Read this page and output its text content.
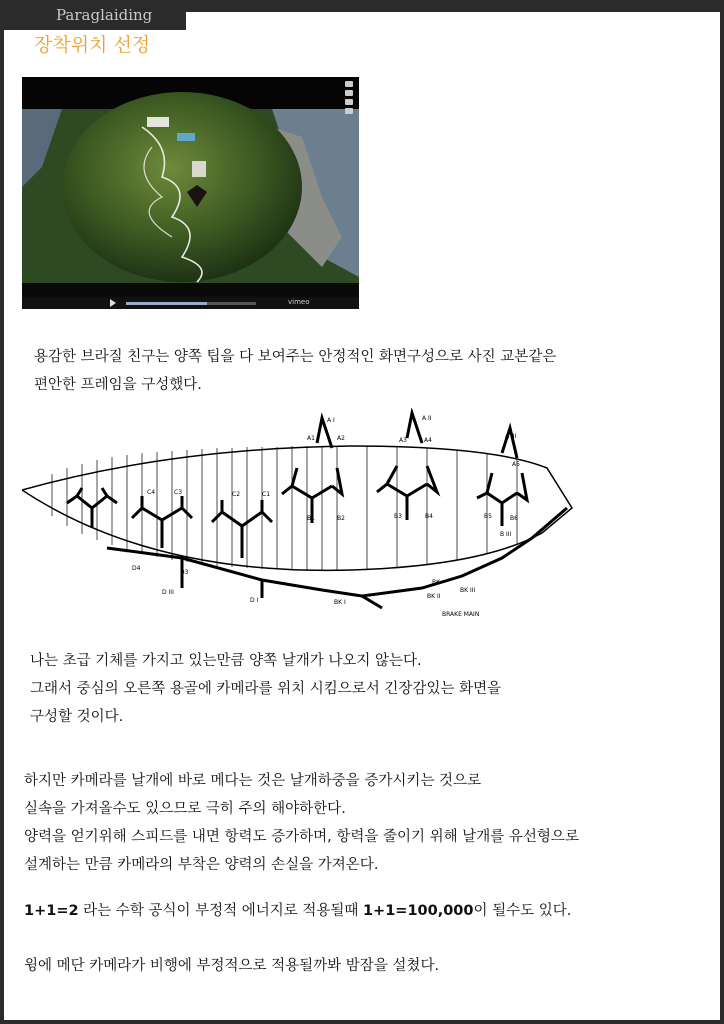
Paraglaiding
장착위치 선정
vimeo

용감한 브라질 친구는 양쪽 팁을 다 보여주는 안정적인 화면구성으로 사진 교본같은
편안한 프레임을 구성했다.

A I	A II
A III
A1	A2	A3	A4
A5
C4	C3	C2	C1
B1	B2	B3	B4	B5	B6
D4
D3
D III
D I
B III
BK
BK I
BK II
BK III
BRAKE MAIN

나는 초급 기체를 가지고 있는만큼 양쪽 날개가 나오지 않는다.
그래서 중심의 오른쪽 용골에 카메라를 위치 시킴으로서 긴장감있는 화면을
구성할 것이다.

하지만 카메라를 날개에 바로 메다는 것은 날개하중을 증가시키는 것으로
실속을 가져올수도 있으므로 극히 주의 해야하한다.
양력을 얻기위해 스피드를 내면 항력도 증가하며, 항력을 줄이기 위해 날개를 유선형으로
설계하는 만큼 카메라의 부착은 양력의 손실을 가져온다.

1+1=2 라는 수학 공식이 부정적 에너지로 적용될때 1+1=100,000이 될수도 있다.

윙에 메단 카메라가 비행에 부정적으로 적용될까봐 밤잠을 설쳤다.
